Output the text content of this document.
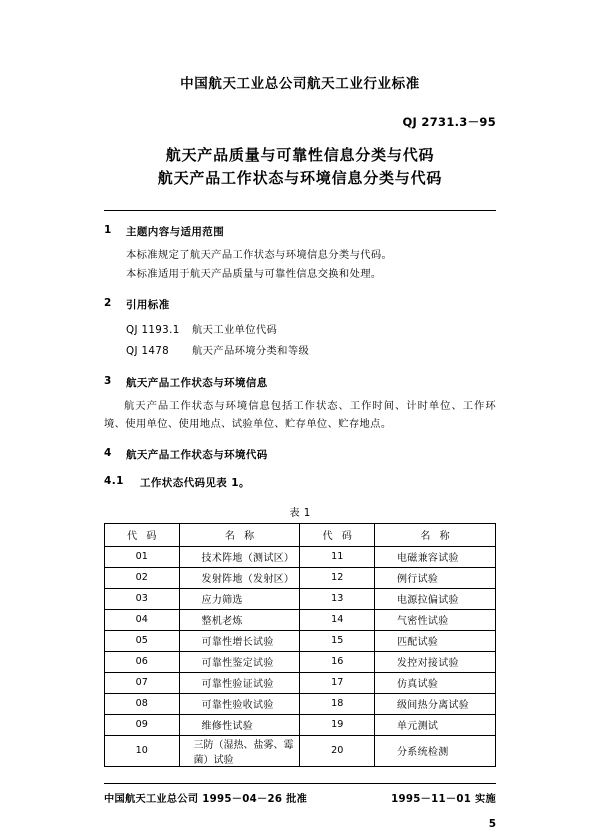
中国航天工业总公司航天工业行业标准
QJ 2731.3－95
航天产品质量与可靠性信息分类与代码
航天产品工作状态与环境信息分类与代码
1	主题内容与适用范围
本标准规定了航天产品工作状态与环境信息分类与代码。
本标准适用于航天产品质量与可靠性信息交换和处理。
2	引用标准
QJ 1193.1 航天工业单位代码
QJ 1478 航天产品环境分类和等级
3	航天产品工作状态与环境信息
航天产品工作状态与环境信息包括工作状态、工作时间、计时单位、工作环境、使用单位、使用地点、试验单位、贮存单位、贮存地点。
4	航天产品工作状态与环境代码
4.1	工作状态代码见表 1。
表 1
代 码	名 称	代 码	名 称
01	技术阵地（测试区）	11	电磁兼容试验
02	发射阵地（发射区）	12	例行试验
03	应力筛选	13	电源拉偏试验
04	整机老炼	14	气密性试验
05	可靠性增长试验	15	匹配试验
06	可靠性鉴定试验	16	发控对接试验
07	可靠性验证试验	17	仿真试验
08	可靠性验收试验	18	级间热分离试验
09	维修性试验	19	单元测试
10	三防（湿热、盐雾、霉菌）试验	20	分系统检测
中国航天工业总公司 1995－04－26 批准	1995－11－01 实施
5
